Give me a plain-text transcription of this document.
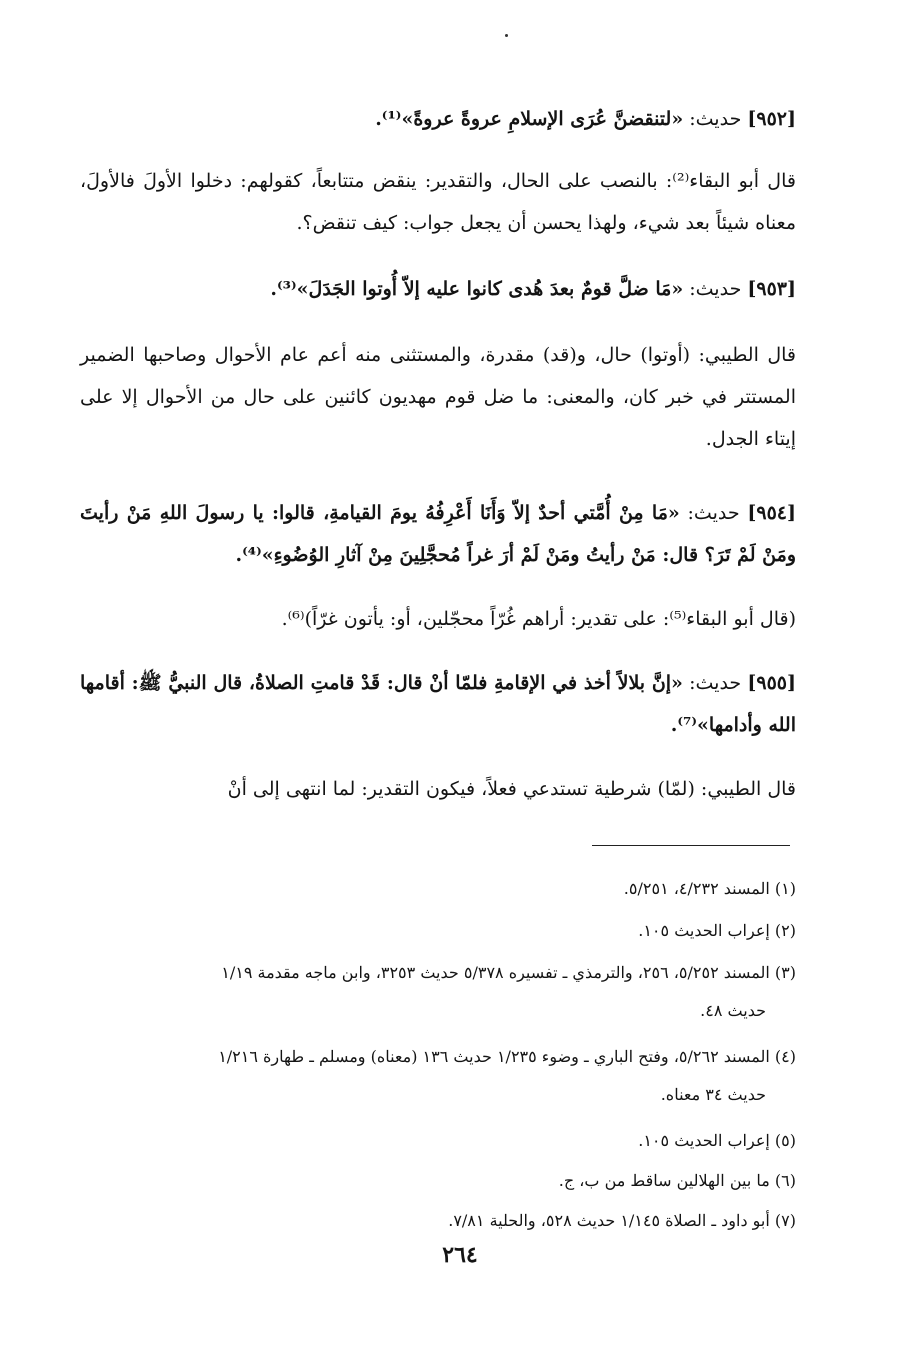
[٩٥٢] حديث: «لتنقضنَّ عُرَى الإسلامِ عروةً عروةً»⁽¹⁾.
قال أبو البقاء⁽²⁾: بالنصب على الحال، والتقدير: ينقض متتابعاً، كقولهم: دخلوا الأولَ فالأولَ، معناه شيئاً بعد شيء، ولهذا يحسن أن يجعل جواب: كيف تنقض؟.
[٩٥٣] حديث: «مَا ضلَّ قومٌ بعدَ هُدى كانوا عليه إلاّ أُوتوا الجَدَلَ»⁽³⁾.
قال الطيبي: (أوتوا) حال، و(قد) مقدرة، والمستثنى منه أعم عام الأحوال وصاحبها الضمير المستتر في خبر كان، والمعنى: ما ضل قوم مهديون كائنين على حال من الأحوال إلا على إيتاء الجدل.
[٩٥٤] حديث: «مَا مِنْ أُمَّتي أحدٌ إلاّ وَأَنَا أَعْرِفُهُ يومَ القيامةِ، قالوا: يا رسولَ اللهِ مَنْ رأيتَ ومَنْ لَمْ تَرَ؟ قال: مَنْ رأيتُ ومَنْ لَمْ أرَ غراً مُحجَّلِينَ مِنْ آثارِ الوُضُوءِ»⁽⁴⁾.
(قال أبو البقاء⁽⁵⁾: على تقدير: أراهم غُرّاً محجّلين، أو: يأتون غرّاً)⁽⁶⁾.
[٩٥٥] حديث: «إنَّ بلالاً أخذ في الإقامةِ فلمّا أنْ قال: قَدْ قامتِ الصلاةُ، قال النبيُّ ﷺ: أقامها الله وأدامها»⁽⁷⁾.
قال الطيبي: (لمّا) شرطية تستدعي فعلاً، فيكون التقدير: لما انتهى إلى أنْ
(١) المسند ٤/٢٣٢، ٥/٢٥١.
(٢) إعراب الحديث ١٠٥.
(٣) المسند ٥/٢٥٢، ٢٥٦، والترمذي ـ تفسيره ٥/٣٧٨ حديث ٣٢٥٣، وابن ماجه مقدمة ١/١٩
حديث ٤٨.
(٤) المسند ٥/٢٦٢، وفتح الباري ـ وضوء ١/٢٣٥ حديث ١٣٦ (معناه) ومسلم ـ طهارة ١/٢١٦
حديث ٣٤ معناه.
(٥) إعراب الحديث ١٠٥.
(٦) ما بين الهلالين ساقط من ب، ج.
(٧) أبو داود ـ الصلاة ١/١٤٥ حديث ٥٢٨، والحلية ٧/٨١.
٢٦٤
